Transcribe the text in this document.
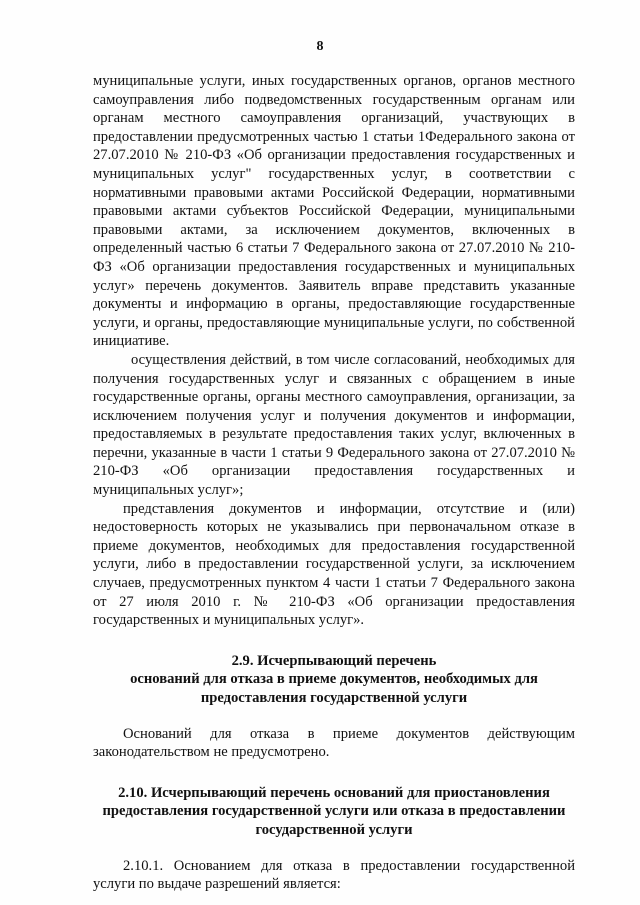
8

муниципальные услуги, иных государственных органов, органов местного самоуправления либо подведомственных государственным органам или органам местного самоуправления организаций, участвующих в предоставлении предусмотренных частью 1 статьи 1Федерального закона от 27.07.2010 № 210-ФЗ «Об организации предоставления государственных и муниципальных услуг" государственных услуг, в соответствии с нормативными правовыми актами Российской Федерации, нормативными правовыми актами субъектов Российской Федерации, муниципальными правовыми актами, за исключением документов, включенных в определенный частью 6 статьи 7 Федерального закона от 27.07.2010 № 210-ФЗ «Об организации предоставления государственных и муниципальных услуг» перечень документов. Заявитель вправе представить указанные документы и информацию в органы, предоставляющие государственные услуги, и органы, предоставляющие муниципальные услуги, по собственной инициативе.

осуществления действий, в том числе согласований, необходимых для получения государственных услуг и связанных с обращением в иные государственные органы, органы местного самоуправления, организации, за исключением получения услуг и получения документов и информации, предоставляемых в результате предоставления таких услуг, включенных в перечни, указанные в части 1 статьи 9 Федерального закона от 27.07.2010 № 210-ФЗ «Об организации предоставления государственных и муниципальных услуг»;

представления документов и информации, отсутствие и (или) недостоверность которых не указывались при первоначальном отказе в приеме документов, необходимых для предоставления государственной услуги, либо в предоставлении государственной услуги, за исключением случаев, предусмотренных пунктом 4 части 1 статьи 7 Федерального закона от 27 июля 2010 г. № 210-ФЗ «Об организации предоставления государственных и муниципальных услуг».

2.9. Исчерпывающий перечень
оснований для отказа в приеме документов, необходимых для
предоставления государственной услуги

Оснований для отказа в приеме документов действующим законодательством не предусмотрено.

2.10. Исчерпывающий перечень оснований для приостановления
предоставления государственной услуги или отказа в предоставлении
государственной услуги

2.10.1. Основанием для отказа в предоставлении государственной услуги по выдаче разрешений является:
